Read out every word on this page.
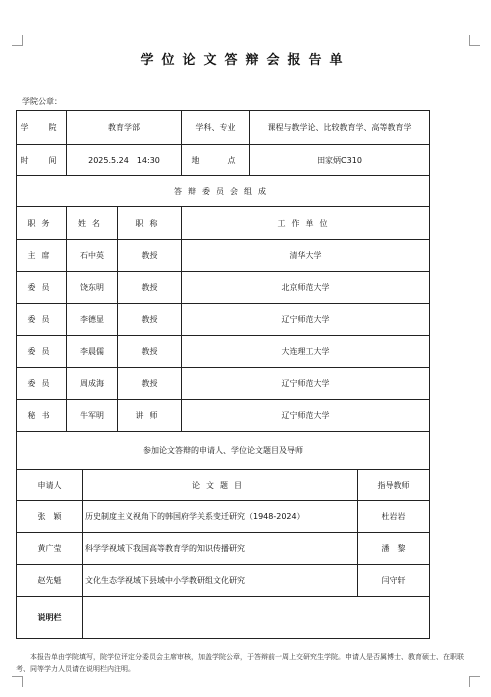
学位论文答辩会报告单
学院公章：
学　院	教育学部			学科、专业	课程与教学论、比较教育学、高等教育学	
时　间	2025.5.24　14:30			地　　点	田家炳C310	
答辩委员会组成						
职务	姓名		职称	工作单位		
主席	石中英		教授	清华大学		
委员	饶东明		教授	北京师范大学		
委员	李德显		教授	辽宁师范大学		
委员	李晨儒		教授	大连理工大学		
委员	周成海		教授	辽宁师范大学		
秘书	牛军明		讲师	辽宁师范大学		
参加论文答辩的申请人、学位论文题目及导师						
申请人		论文题目				指导教师
张　颖		历史制度主义视角下的韩国府学关系变迁研究（1948-2024）				杜岩岩
黄广莹		科学学视域下我国高等教育学的知识传播研究				潘　黎
赵先魁		文化生态学视域下县域中小学教研组文化研究				闫守轩
说明栏						
本报告单由学院填写，院学位评定分委员会主席审核，加盖学院公章，于答辩前一周上交研究生学院。申请人是否属博士、教育硕士、在职联考、同等学力人员请在说明栏内注明。
